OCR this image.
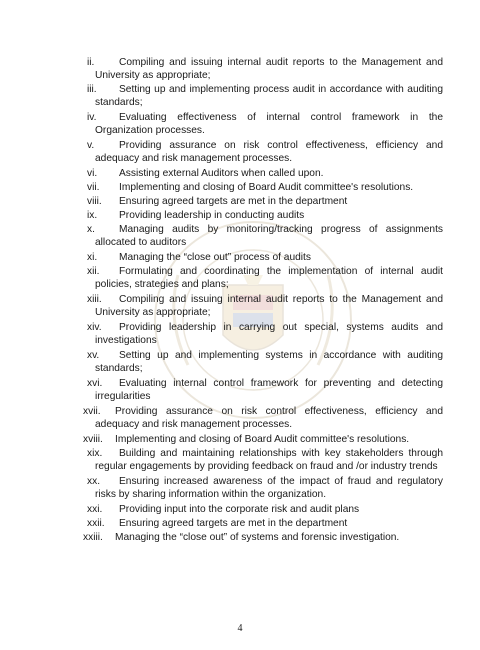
ii. Compiling and issuing internal audit reports to the Management and University as appropriate;
iii. Setting up and implementing process audit in accordance with auditing standards;
iv. Evaluating effectiveness of internal control framework in the Organization processes.
v. Providing assurance on risk control effectiveness, efficiency and adequacy and risk management processes.
vi. Assisting external Auditors when called upon.
vii. Implementing and closing of Board Audit committee's resolutions.
viii. Ensuring agreed targets are met in the department
ix. Providing leadership in conducting audits
x. Managing audits by monitoring/tracking progress of assignments allocated to auditors
xi. Managing the “close out” process of audits
xii. Formulating and coordinating the implementation of internal audit policies, strategies and plans;
xiii. Compiling and issuing internal audit reports to the Management and University as appropriate;
xiv. Providing leadership in carrying out special, systems audits and investigations
xv. Setting up and implementing systems in accordance with auditing standards;
xvi. Evaluating internal control framework for preventing and detecting irregularities
xvii. Providing assurance on risk control effectiveness, efficiency and adequacy and risk management processes.
xviii. Implementing and closing of Board Audit committee's resolutions.
xix. Building and maintaining relationships with key stakeholders through regular engagements by providing feedback on fraud and /or industry trends
xx. Ensuring increased awareness of the impact of fraud and regulatory risks by sharing information within the organization.
xxi. Providing input into the corporate risk and audit plans
xxii. Ensuring agreed targets are met in the department
xxiii. Managing the “close out” of systems and forensic investigation.
4
